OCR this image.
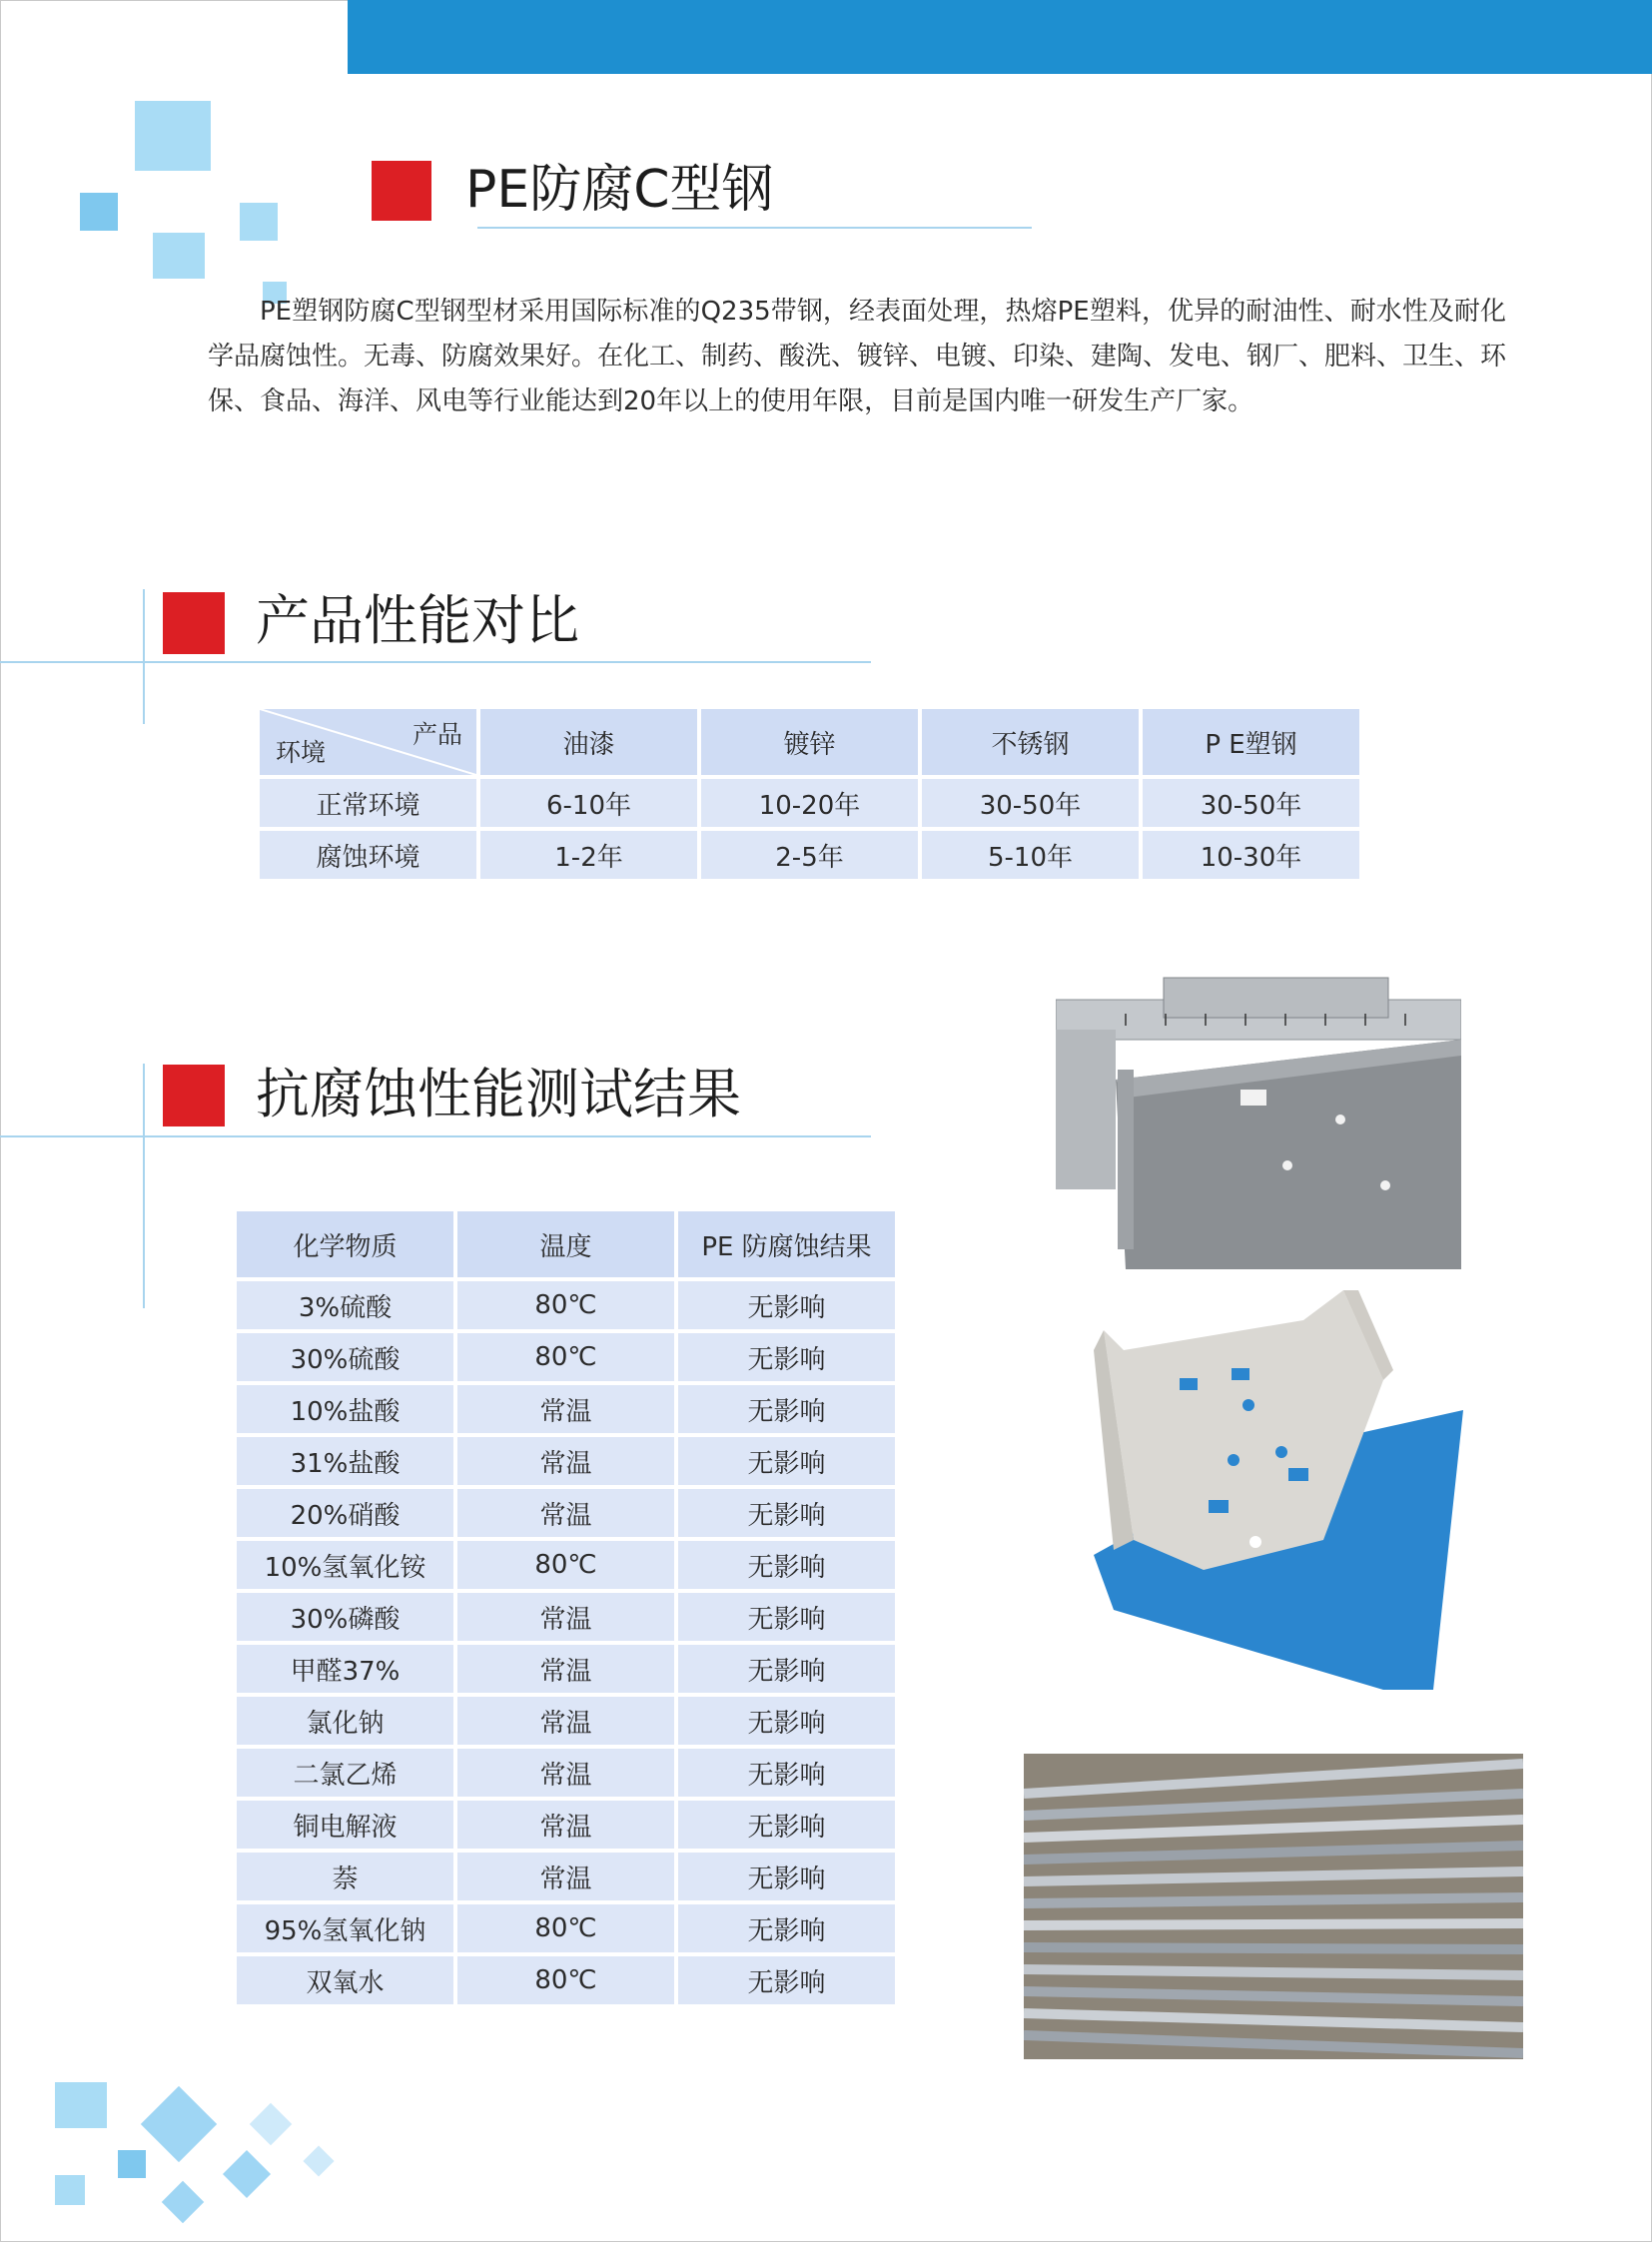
PE防腐C型钢

PE塑钢防腐C型钢型材采用国际标准的Q235带钢，经表面处理，热熔PE塑料，优异的耐油性、耐水性及耐化学品腐蚀性。无毒、防腐效果好。在化工、制药、酸洗、镀锌、电镀、印染、建陶、发电、钢厂、肥料、卫生、环保、食品、海洋、风电等行业能达到20年以上的使用年限，目前是国内唯一研发生产厂家。

产品性能对比
产品
环境	油漆	镀锌	不锈钢	P E塑钢
正常环境	6-10年	10-20年	30-50年	30-50年
腐蚀环境	1-2年	2-5年	5-10年	10-30年
抗腐蚀性能测试结果
化学物质	温度	PE 防腐蚀结果
3%硫酸	80℃	无影响
30%硫酸	80℃	无影响
10%盐酸	常温	无影响
31%盐酸	常温	无影响
20%硝酸	常温	无影响
10%氢氧化铵	80℃	无影响
30%磷酸	常温	无影响
甲醛37%	常温	无影响
氯化钠	常温	无影响
二氯乙烯	常温	无影响
铜电解液	常温	无影响
萘	常温	无影响
95%氢氧化钠	80℃	无影响
双氧水	80℃	无影响
